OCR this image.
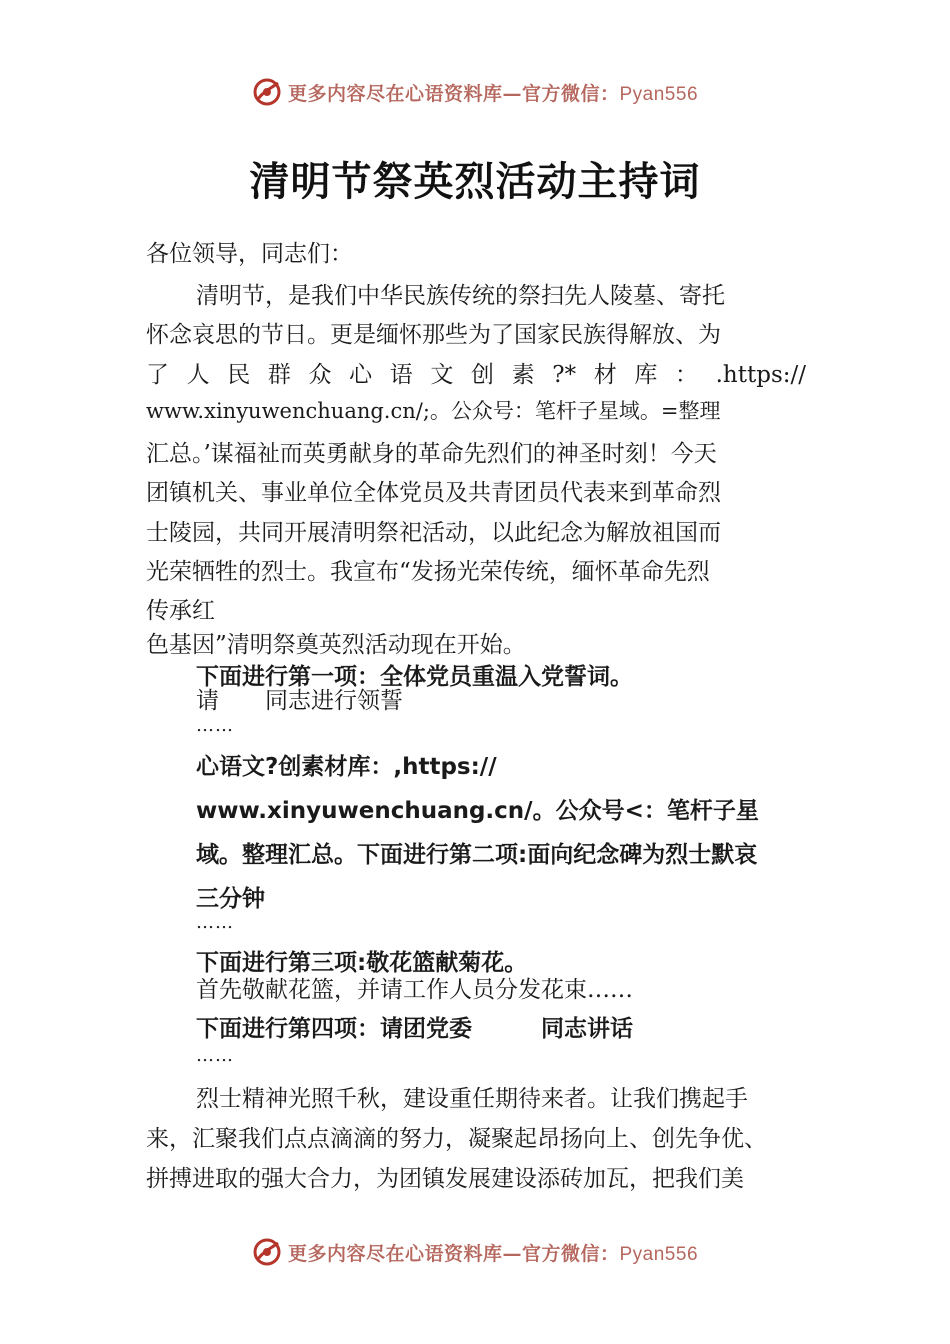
更多内容尽在心语资料库—官方微信：Pyan556
清明节祭英烈活动主持词

各位领导，同志们：

清明节，是我们中华民族传统的祭扫先人陵墓、寄托

怀念哀思的节日。更是缅怀那些为了国家民族得解放、为

了人民群众心语文创素?*材库：.https://

www.xinyuwenchuang.cn/;。公众号：笔杆子星域。=整理

汇总。’谋福祉而英勇献身的革命先烈们的神圣时刻！今天

团镇机关、事业单位全体党员及共青团员代表来到革命烈

士陵园，共同开展清明祭祀活动，以此纪念为解放祖国而

光荣牺牲的烈士。我宣布“发扬光荣传统，缅怀革命先烈

传承红

色基因”清明祭奠英烈活动现在开始。

下面进行第一项：全体党员重温入党誓词。

请　　同志进行领誓

……

心语文?创素材库：,https://

www.xinyuwenchuang.cn/。公众号<：笔杆子星

域。整理汇总。下面进行第二项:面向纪念碑为烈士默哀

三分钟

……

下面进行第三项:敬花篮献菊花。

首先敬献花篮，并请工作人员分发花束……

下面进行第四项：请团党委　　　同志讲话

……

烈士精神光照千秋，建设重任期待来者。让我们携起手

来，汇聚我们点点滴滴的努力，凝聚起昂扬向上、创先争优、

拼搏进取的强大合力，为团镇发展建设添砖加瓦，把我们美

更多内容尽在心语资料库—官方微信：Pyan556
